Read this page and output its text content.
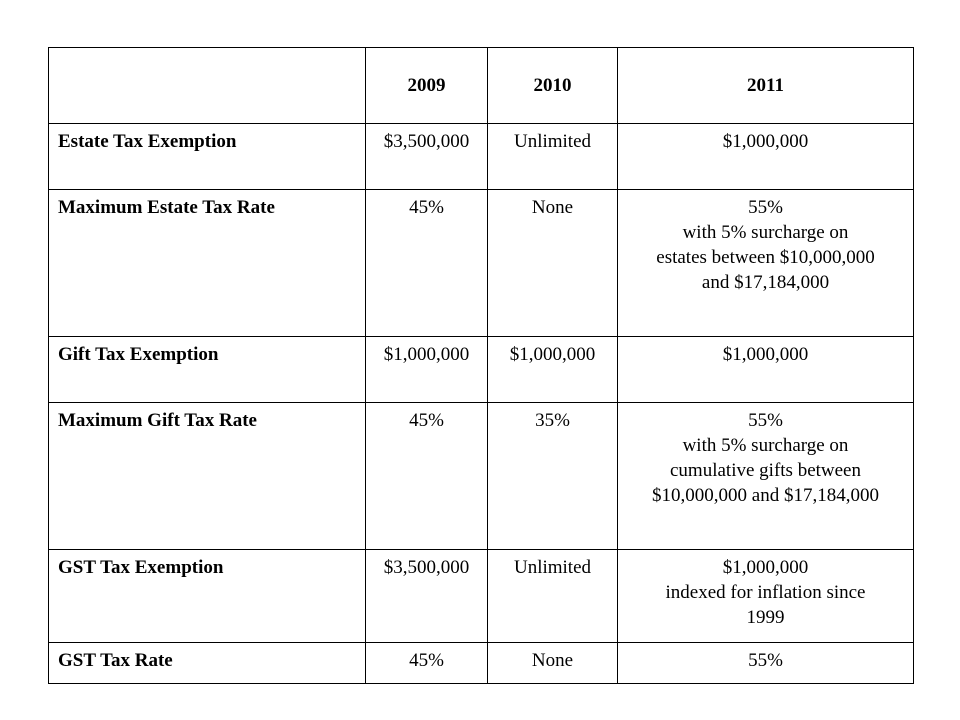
	2009	2010	2011
Estate Tax Exemption	$3,500,000	Unlimited	$1,000,000

Maximum Estate Tax Rate	45%	None	55%
with 5% surcharge on
estates between $10,000,000
and $17,184,000

Gift Tax Exemption	$1,000,000	$1,000,000	$1,000,000

Maximum Gift Tax Rate	45%	35%	55%
with 5% surcharge on
cumulative gifts between
$10,000,000 and $17,184,000

GST Tax Exemption	$3,500,000	Unlimited	$1,000,000
indexed for inflation since
1999

GST Tax Rate	45%	None	55%
